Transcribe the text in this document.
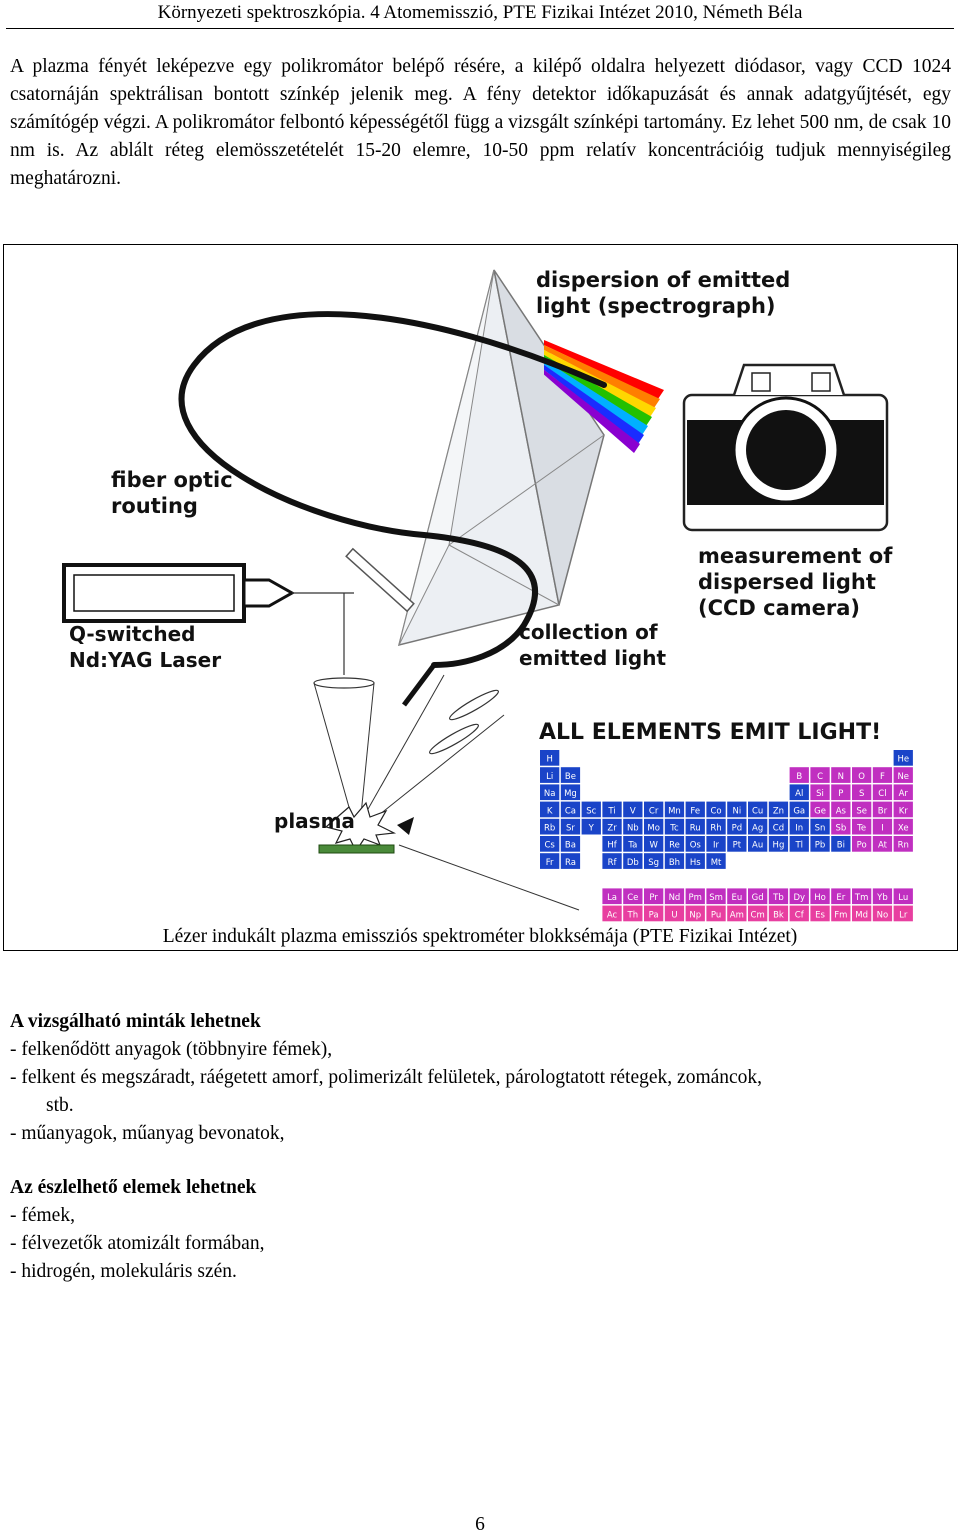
Környezeti spektroszkópia. 4 Atomemisszió, PTE Fizikai Intézet 2010, Németh Béla

A plazma fényét leképezve egy polikromátor belépő résére, a kilépő oldalra helyezett diódasor, vagy CCD 1024 csatornáján spektrálisan bontott színkép jelenik meg. A fény detektor időkapuzását és annak adatgyűjtését, egy számítógép végzi. A polikromátor felbontó képességétől függ a vizsgált színképi tartomány. Ez lehet 500 nm, de csak 10 nm is. Az ablált réteg elemösszetételét 15-20 elemre, 10-50 ppm relatív koncentrációig tudjuk mennyiségileg meghatározni.

dispersion of emitted
light (spectrograph)
fiber optic
routing
measurement of
dispersed light
(CCD camera)
Q-switched
Nd:YAG Laser
collection of
emitted light
ALL ELEMENTS EMIT LIGHT!
plasma
H	He
Li Be	B C N O F Ne
Na Mg	Al Si P S Cl Ar
K Ca Sc Ti V Cr Mn Fe Co Ni Cu Zn Ga Ge As Se Br Kr
Rb Sr Y Zr Nb Mo Tc Ru Rh Pd Ag Cd In Sn Sb Te I Xe
Cs Ba	Hf Ta W Re Os Ir Pt Au Hg Tl Pb Bi Po At Rn
Fr Ra	Rf Db Sg Bh Hs Mt
La Ce Pr Nd Pm Sm Eu Gd Tb Dy Ho Er Tm Yb Lu
Ac Th Pa U Np Pu Am Cm Bk Cf Es Fm Md No Lr
Lézer indukált plazma emissziós spektrométer blokksémája (PTE Fizikai Intézet)
A vizsgálható minták lehetnek
- felkenődött anyagok (többnyire fémek),
- felkent és megszáradt, ráégetett amorf, polimerizált felületek, párologtatott rétegek, zománcok,
stb.
- műanyagok, műanyag bevonatok,
Az észlelhető elemek lehetnek
- fémek,
- félvezetők atomizált formában,
- hidrogén, molekuláris szén.
6
